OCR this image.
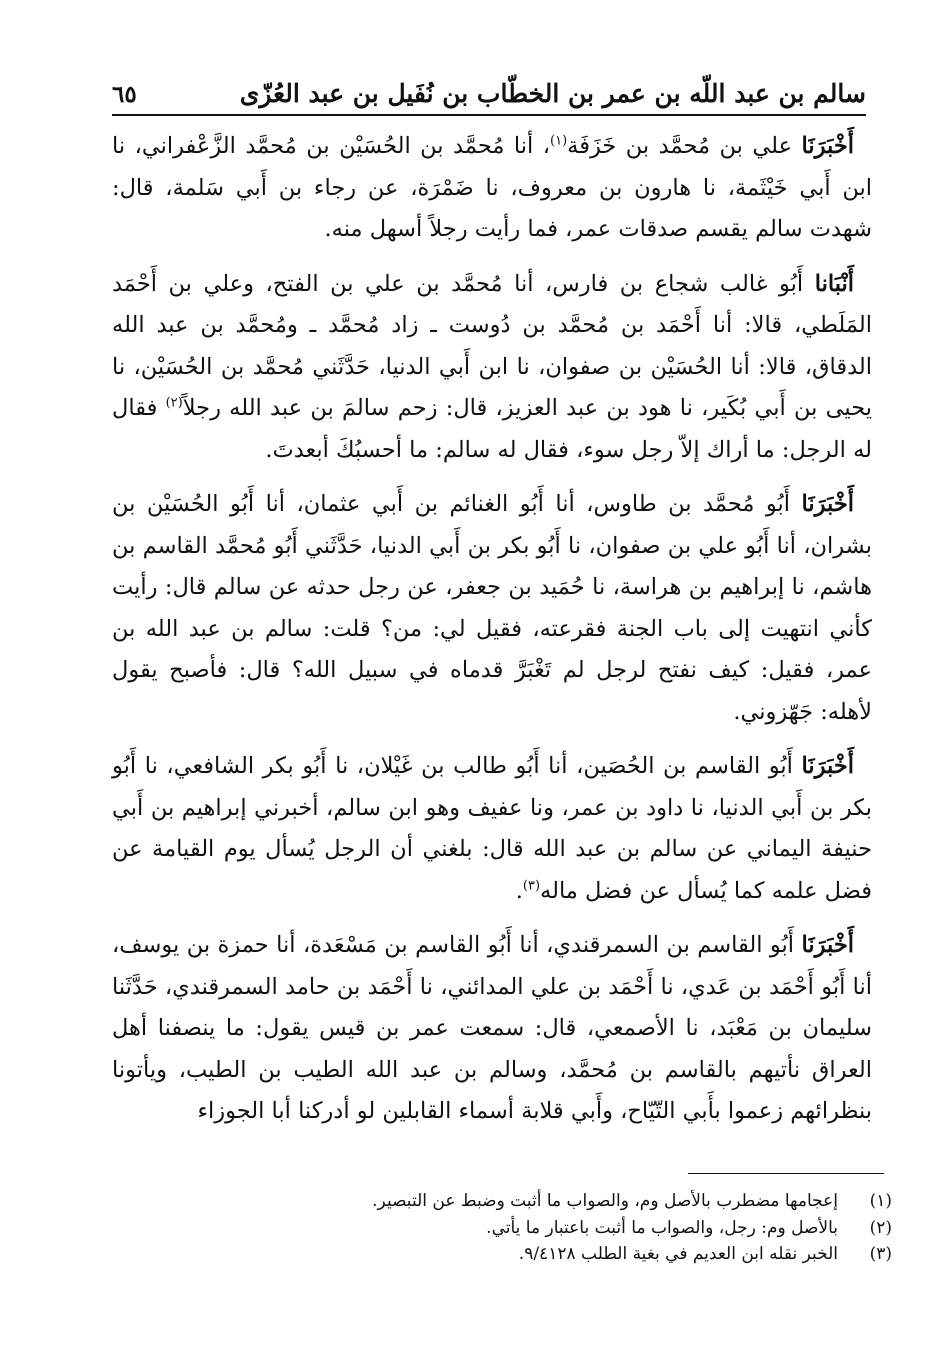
سالم بن عبد اللّه بن عمر بن الخطّاب بن نُفَيل بن عبد العُزّى
٦٥

أَخْبَرَنَا علي بن مُحمَّد بن خَزَفَة$^{(١)}$، أنا مُحمَّد بن الحُسَيْن بن مُحمَّد الزَّعْفراني، نا ابن أَبي خَيْثَمة، نا هارون بن معروف، نا ضَمْرَة، عن رجاء بن أَبي سَلمة، قال: شهدت سالم يقسم صدقات عمر، فما رأيت رجلاً أسهل منه.

أَنْبَانا أَبُو غالب شجاع بن فارس، أنا مُحمَّد بن علي بن الفتح، وعلي بن أَحْمَد المَلَطي، قالا: أنا أَحْمَد بن مُحمَّد بن دُوست ـ زاد مُحمَّد ـ ومُحمَّد بن عبد الله الدقاق، قالا: أنا الحُسَيْن بن صفوان، نا ابن أَبي الدنيا، حَدَّثَني مُحمَّد بن الحُسَيْن، نا يحيى بن أَبي بُكَير، نا هود بن عبد العزيز، قال: زحم سالمَ بن عبد الله رجلاً$^{(٢)}$ فقال له الرجل: ما أراك إلاّ رجل سوء، فقال له سالم: ما أحسبُكَ أبعدتَ.

أَخْبَرَنَا أَبُو مُحمَّد بن طاوس، أنا أَبُو الغنائم بن أَبي عثمان، أنا أَبُو الحُسَيْن بن بشران، أنا أَبُو علي بن صفوان، نا أَبُو بكر بن أَبي الدنيا، حَدَّثَني أَبُو مُحمَّد القاسم بن هاشم، نا إبراهيم بن هراسة، نا حُمَيد بن جعفر، عن رجل حدثه عن سالم قال: رأيت كأني انتهيت إلى باب الجنة فقرعته، فقيل لي: من؟ قلت: سالم بن عبد الله بن عمر، فقيل: كيف نفتح لرجل لم تَغْبَرَّ قدماه في سبيل الله؟ قال: فأصبح يقول لأهله: جَهّزوني.

أَخْبَرَنَا أَبُو القاسم بن الحُصَين، أنا أَبُو طالب بن غَيْلان، نا أَبُو بكر الشافعي، نا أَبُو بكر بن أَبي الدنيا، نا داود بن عمر، ونا عفيف وهو ابن سالم، أخبرني إبراهيم بن أَبي حنيفة اليماني عن سالم بن عبد الله قال: بلغني أن الرجل يُسأل يوم القيامة عن فضل علمه كما يُسأل عن فضل ماله$^{(٣)}$.

أَخْبَرَنَا أَبُو القاسم بن السمرقندي، أنا أَبُو القاسم بن مَسْعَدة، أنا حمزة بن يوسف، أنا أَبُو أَحْمَد بن عَدي، نا أَحْمَد بن علي المدائني، نا أَحْمَد بن حامد السمرقندي، حَدَّثَنا سليمان بن مَعْبَد، نا الأصمعي، قال: سمعت عمر بن قيس يقول: ما ينصفنا أهل العراق نأتيهم بالقاسم بن مُحمَّد، وسالم بن عبد الله الطيب بن الطيب، ويأتونا بنظرائهم زعموا بأَبي التّيّاح، وأَبي قلابة أسماء القابلين لو أدركنا أبا الجوزاء

(١)
إعجامها مضطرب بالأصل وم، والصواب ما أثبت وضبط عن التبصير.
(٢)
بالأصل وم: رجل، والصواب ما أثبت باعتبار ما يأتي.
(٣)
الخبر نقله ابن العديم في بغية الطلب ٩/٤١٢٨.
